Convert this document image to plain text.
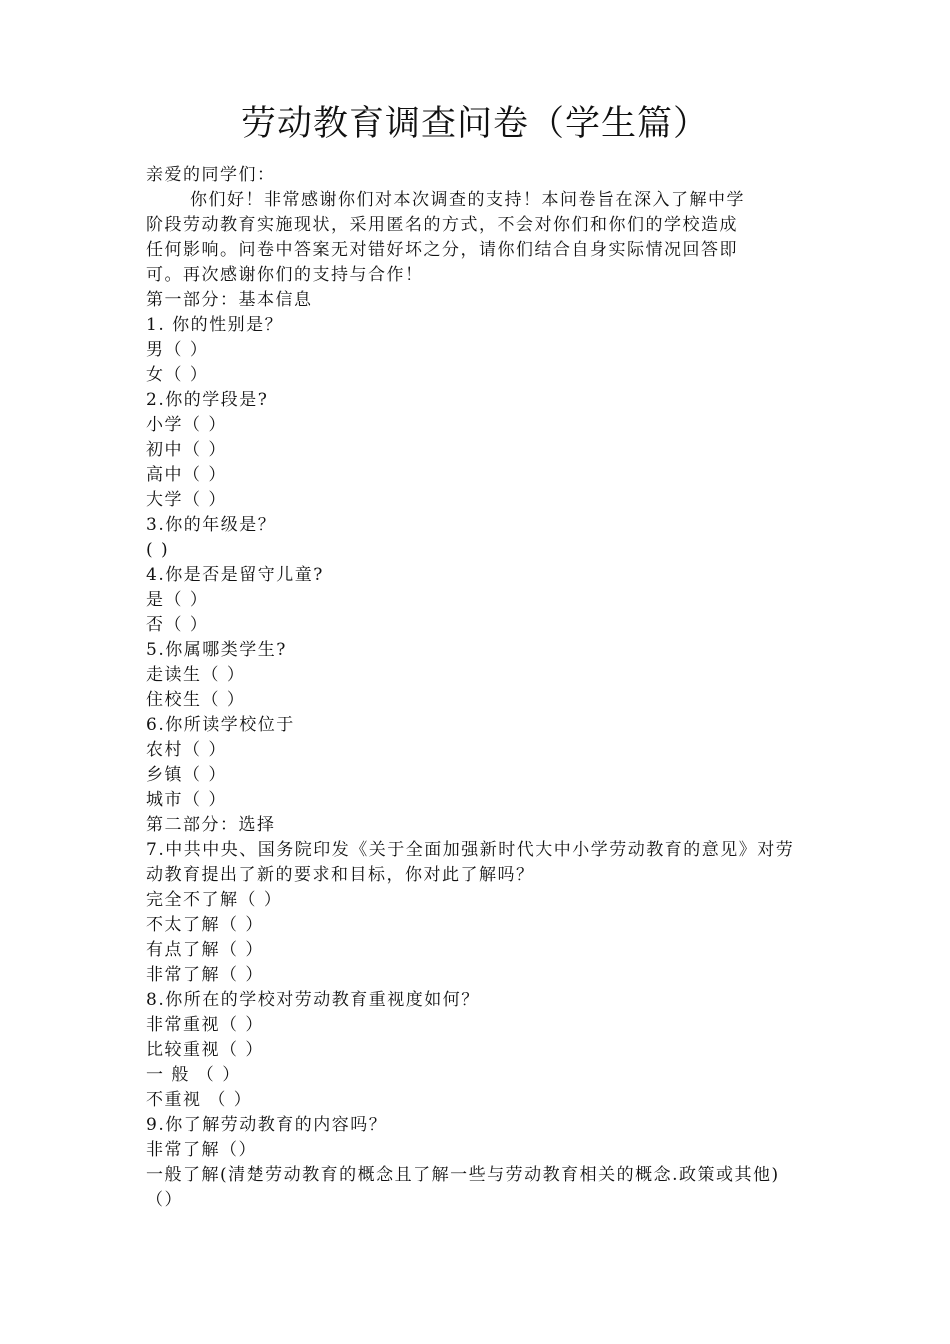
劳动教育调查问卷（学生篇）
亲爱的同学们：
你们好！非常感谢你们对本次调查的支持！本问卷旨在深入了解中学
阶段劳动教育实施现状，采用匿名的方式，不会对你们和你们的学校造成
任何影响。问卷中答案无对错好坏之分，请你们结合自身实际情况回答即
可。再次感谢你们的支持与合作！
第一部分：基本信息
1. 你的性别是？
男（ ）
女（ ）
2.你的学段是?
小学（ ）
初中（ ）
高中（ ）
大学（ ）
3.你的年级是？
( )
4.你是否是留守儿童?
是（ ）
否（ ）
5.你属哪类学生?
走读生（ ）
住校生（ ）
6.你所读学校位于
农村（ ）
乡镇（ ）
城市（ ）
第二部分：选择
7.中共中央、国务院印发《关于全面加强新时代大中小学劳动教育的意见》对劳
动教育提出了新的要求和目标，你对此了解吗？
完全不了解（ ）
不太了解（ ）
有点了解（ ）
非常了解（ ）
8.你所在的学校对劳动教育重视度如何？
非常重视（ ）
比较重视（ ）
一 般 （ ）
不重视 （ ）
9.你了解劳动教育的内容吗？
非常了解（）
一般了解(清楚劳动教育的概念且了解一些与劳动教育相关的概念.政策或其他)
（）
